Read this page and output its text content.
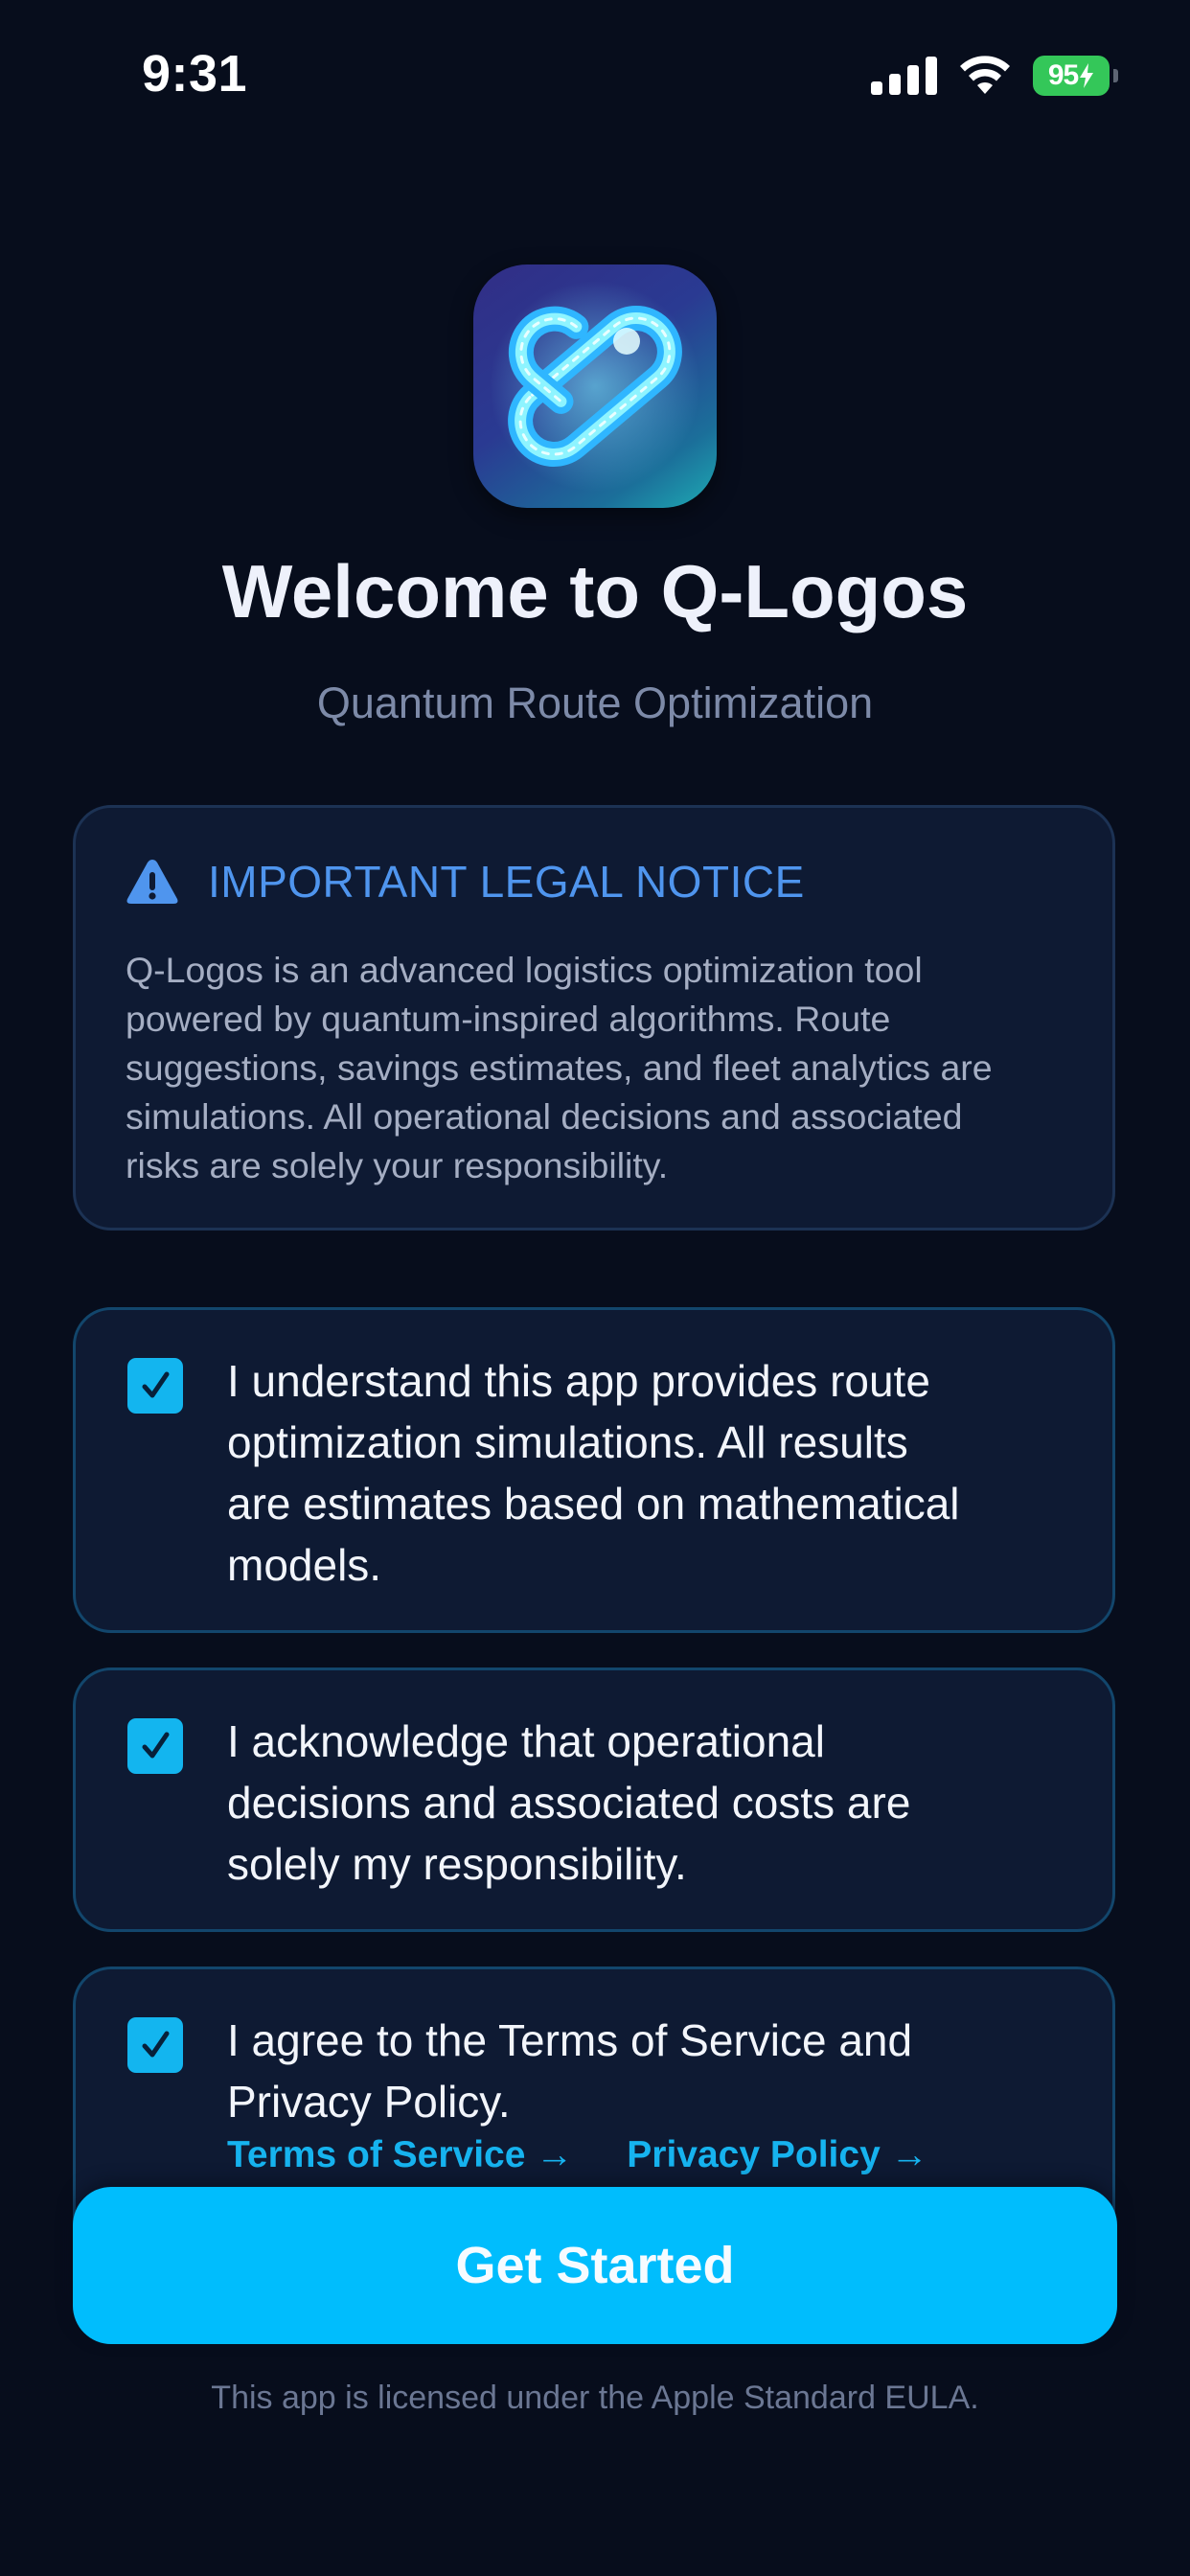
9:31	95
Welcome to Q-Logos
Quantum Route Optimization
IMPORTANT LEGAL NOTICE
Q-Logos is an advanced logistics optimization tool
powered by quantum-inspired algorithms. Route
suggestions, savings estimates, and fleet analytics are
simulations. All operational decisions and associated
risks are solely your responsibility.
I understand this app provides route
optimization simulations. All results
are estimates based on mathematical
models.
I acknowledge that operational
decisions and associated costs are
solely my responsibility.
I agree to the Terms of Service and
Privacy Policy.
Terms of Service → Privacy Policy →
Get Started
This app is licensed under the Apple Standard EULA.
